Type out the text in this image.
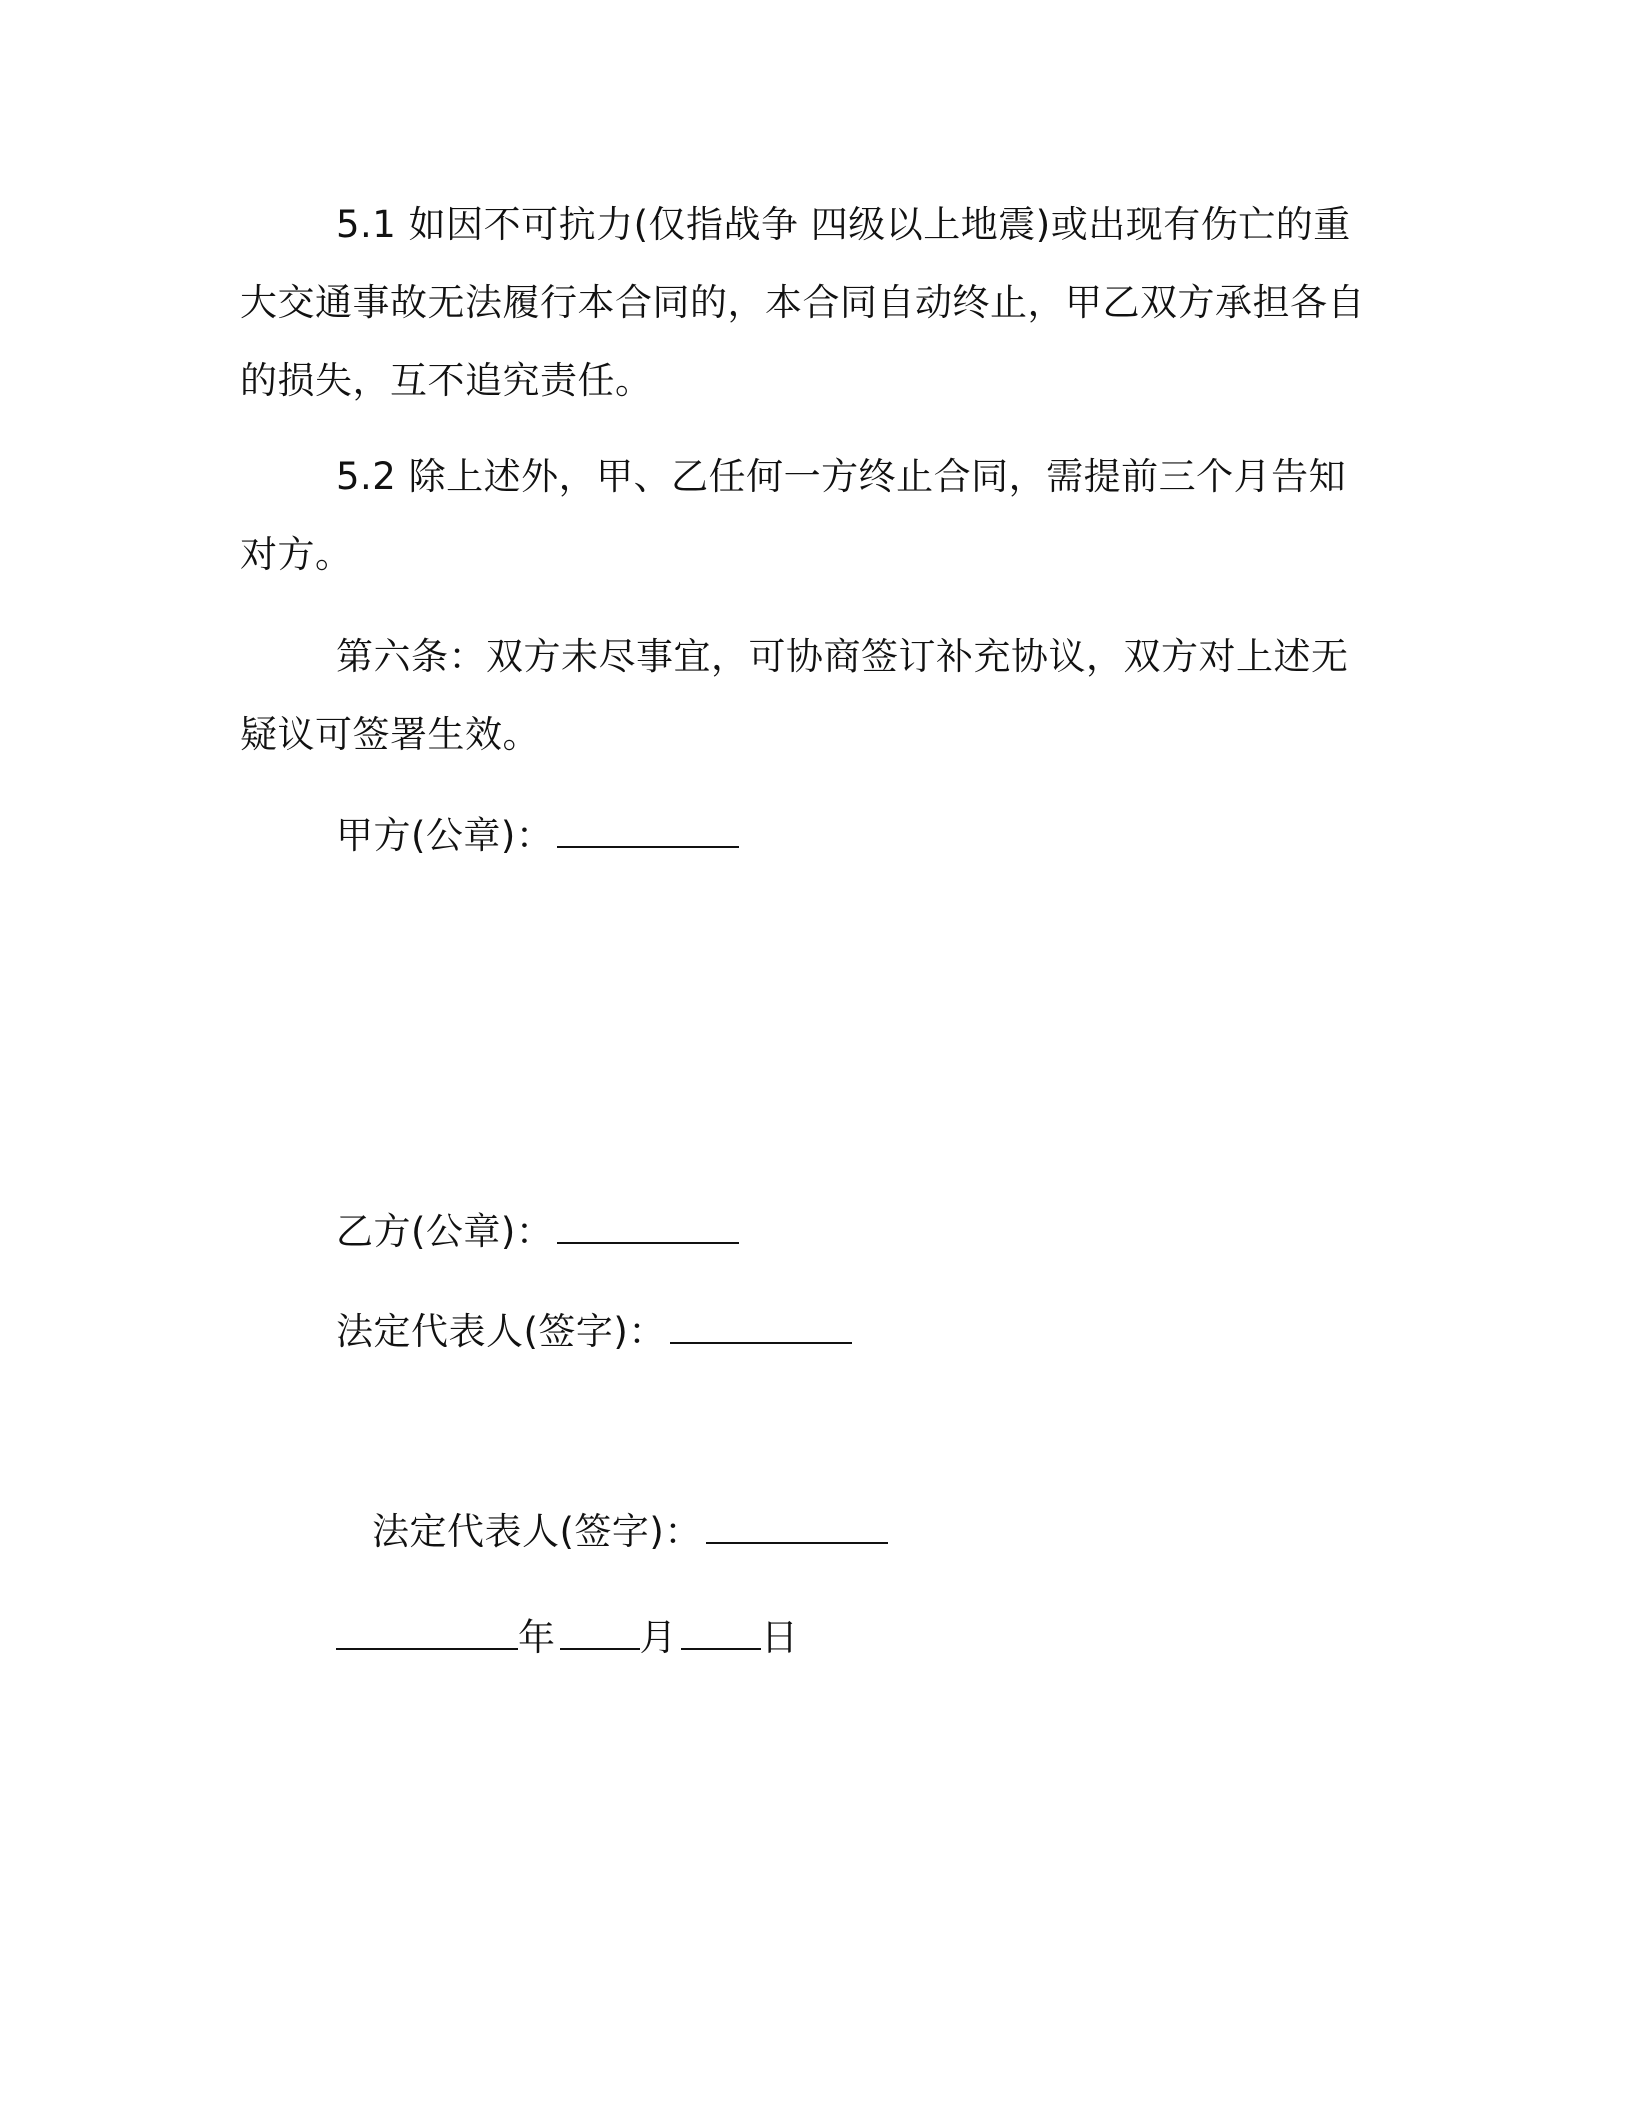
5.1 如因不可抗力(仅指战争 四级以上地震)或出现有伤亡的重大交通事故无法履行本合同的，本合同自动终止，甲乙双方承担各自的损失，互不追究责任。

5.2 除上述外，甲、乙任何一方终止合同，需提前三个月告知对方。

第六条：双方未尽事宜，可协商签订补充协议，双方对上述无疑议可签署生效。

甲方(公章)：
乙方(公章)：
法定代表人(签字)：
法定代表人(签字)：
年 月 日
